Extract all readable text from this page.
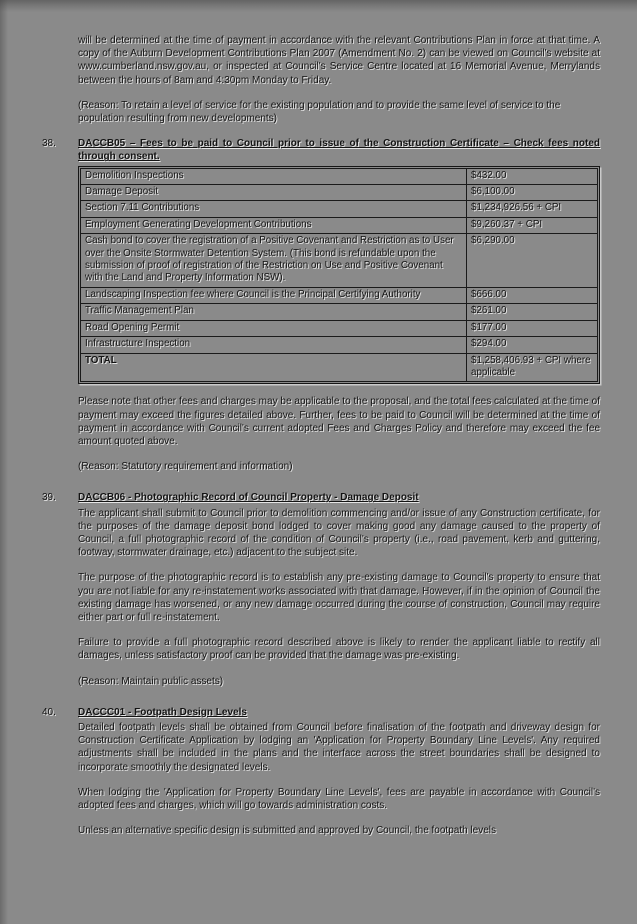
will be determined at the time of payment in accordance with the relevant Contributions Plan in force at that time. A copy of the Auburn Development Contributions Plan 2007 (Amendment No. 2) can be viewed on Council's website at www.cumberland.nsw.gov.au, or inspected at Council's Service Centre located at 16 Memorial Avenue, Merrylands between the hours of 8am and 4:30pm Monday to Friday.

(Reason: To retain a level of service for the existing population and to provide the same level of service to the population resulting from new developments)

38.	DACCB05 – Fees to be paid to Council prior to issue of the Construction Certificate – Check fees noted through consent.
Demolition Inspections	$432.00
Damage Deposit	$6,100.00
Section 7.11 Contributions	$1,234,926.56 + CPI
Employment Generating Development Contributions	$9,260.37 + CPI
Cash bond to cover the registration of a Positive Covenant and Restriction as to User over the Onsite Stormwater Detention System. (This bond is refundable upon the submission of proof of registration of the Restriction on Use and Positive Covenant with the Land and Property Information NSW).	$6,290.00
Landscaping Inspection fee where Council is the Principal Certifying Authority	$666.00
Traffic Management Plan	$261.00
Road Opening Permit	$177.00
Infrastructure Inspection	$294.00
TOTAL	$1,258,406.93 + CPI where applicable

Please note that other fees and charges may be applicable to the proposal, and the total fees calculated at the time of payment may exceed the figures detailed above. Further, fees to be paid to Council will be determined at the time of payment in accordance with Council's current adopted Fees and Charges Policy and therefore may exceed the fee amount quoted above.

(Reason: Statutory requirement and information)

39.	DACCB06 - Photographic Record of Council Property - Damage Deposit

The applicant shall submit to Council prior to demolition commencing and/or issue of any Construction certificate, for the purposes of the damage deposit bond lodged to cover making good any damage caused to the property of Council, a full photographic record of the condition of Council's property (i.e., road pavement, kerb and guttering, footway, stormwater drainage, etc.) adjacent to the subject site.

The purpose of the photographic record is to establish any pre-existing damage to Council's property to ensure that you are not liable for any re-instatement works associated with that damage. However, if in the opinion of Council the existing damage has worsened, or any new damage occurred during the course of construction, Council may require either part or full re-instatement.

Failure to provide a full photographic record described above is likely to render the applicant liable to rectify all damages, unless satisfactory proof can be provided that the damage was pre-existing.

(Reason: Maintain public assets)

40.	DACCC01 - Footpath Design Levels

Detailed footpath levels shall be obtained from Council before finalisation of the footpath and driveway design for Construction Certificate Application by lodging an 'Application for Property Boundary Line Levels'. Any required adjustments shall be included in the plans and the interface across the street boundaries shall be designed to incorporate smoothly the designated levels.

When lodging the 'Application for Property Boundary Line Levels', fees are payable in accordance with Council's adopted fees and charges, which will go towards administration costs.

Unless an alternative specific design is submitted and approved by Council, the footpath levels
